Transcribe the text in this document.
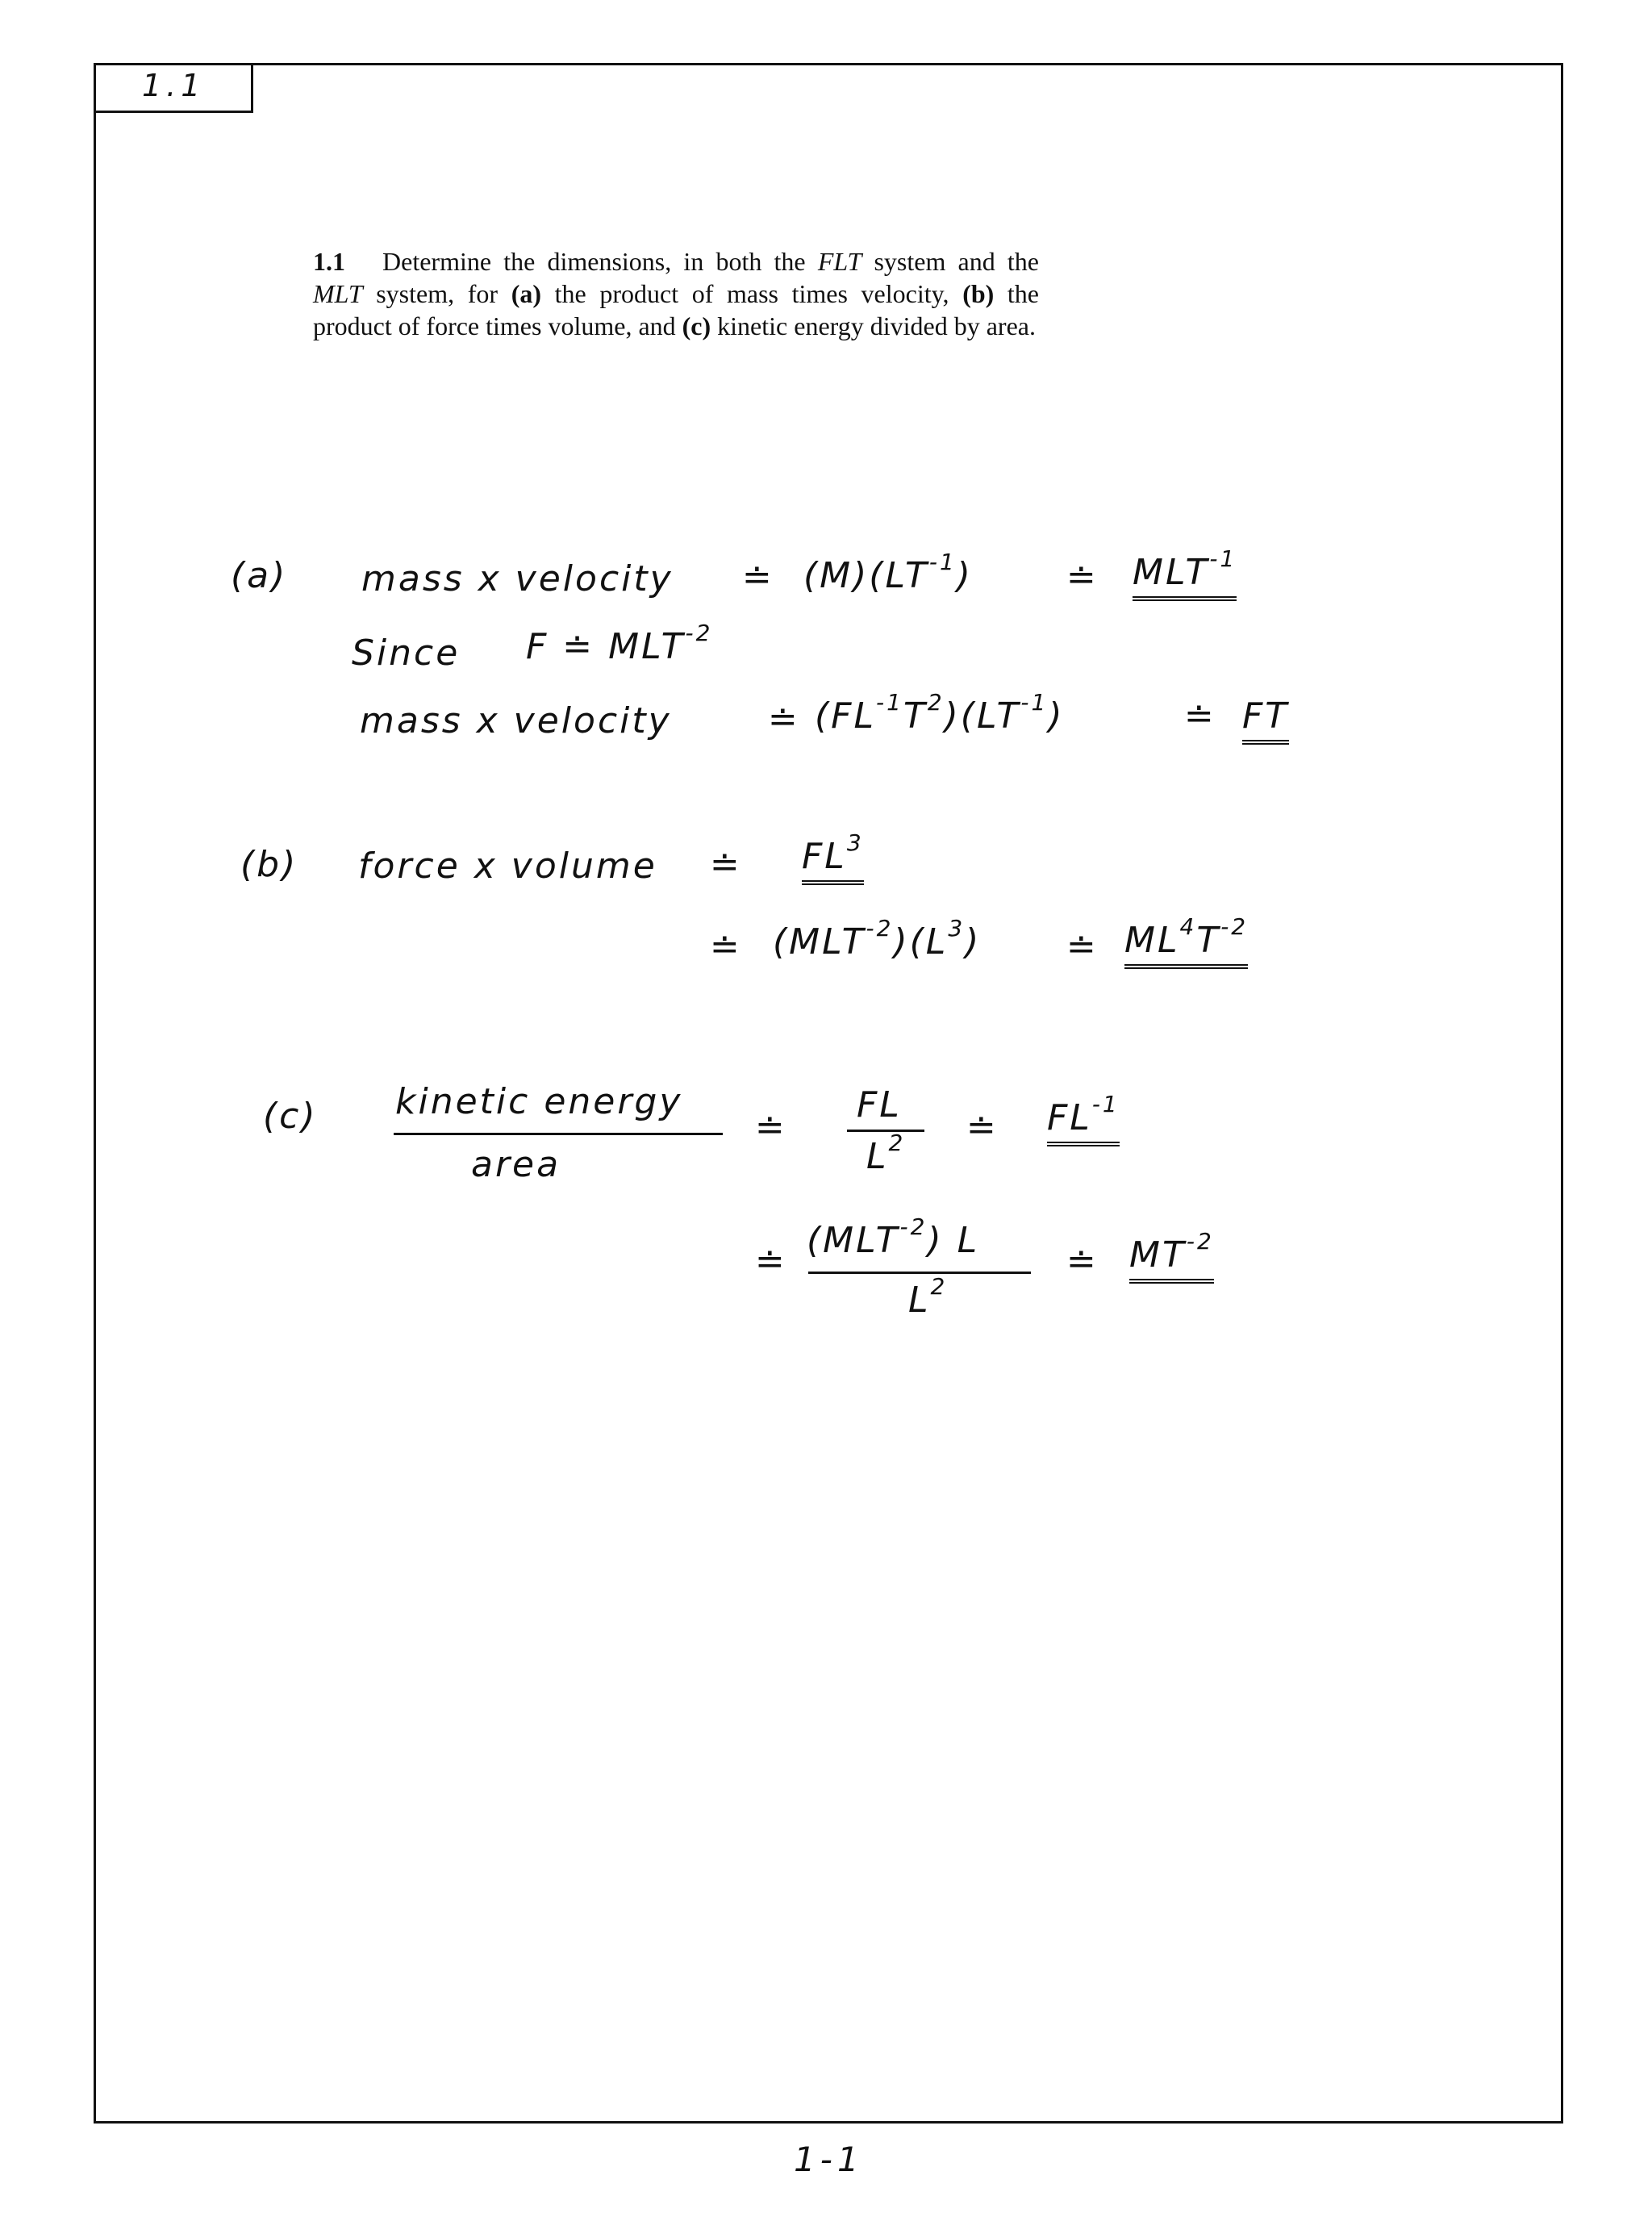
1.1
1.1 Determine the dimensions, in both the FLT system and the MLT system, for (a) the product of mass times velocity, (b) the product of force times volume, and (c) kinetic energy divided by area.
(a) mass x velocity ≐ $(M)(LT^{-1})$	≐ $MLT^{-1}$
Since F ≐ $MLT^{-2}$
mass x velocity	≐ $(FL^{-1}T^2)(LT^{-1})$	≐ FT
(b) force x volume ≐ $FL^3$
≐ $(MLT^{-2})(L^3)$ ≐ $ML^4T^{-2}$
(c) kinetic energy
area
≐
FL
$L^2$ ≐ $FL^{-1}$
≐
$(MLT^{-2})$ L
$L^2$
≐ $MT^{-2}$
1-1
